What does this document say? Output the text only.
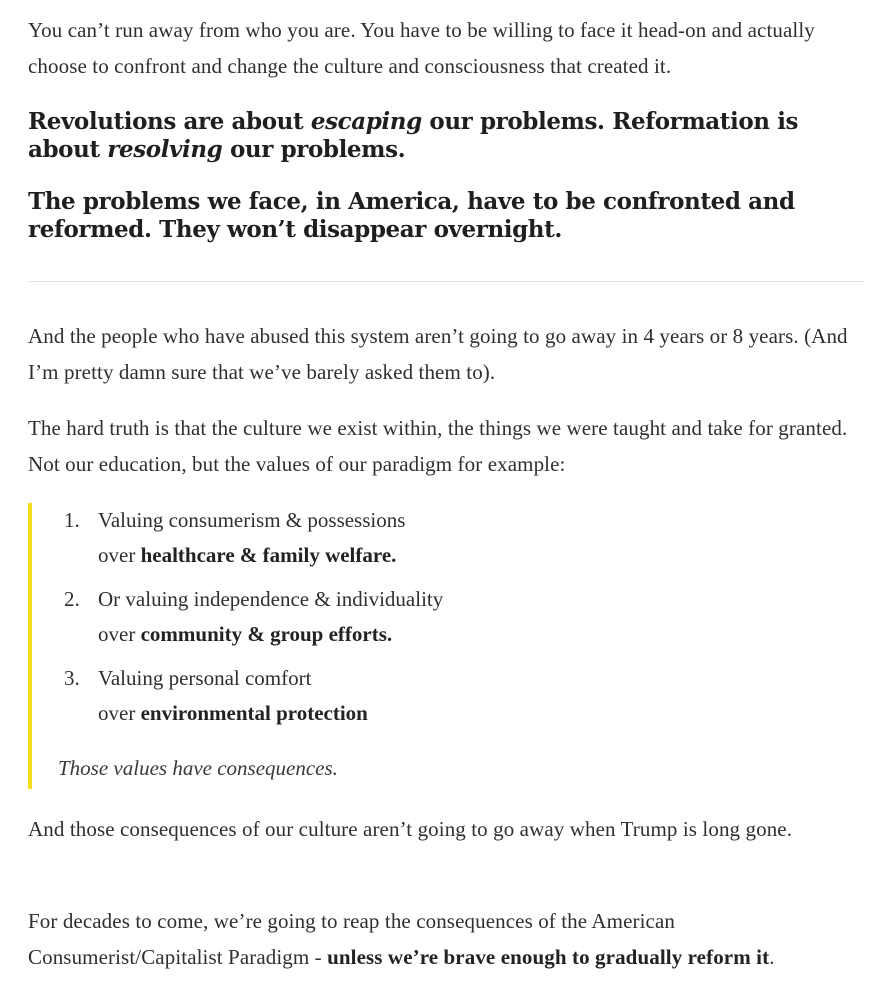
You can’t run away from who you are. You have to be willing to face it head-on and actually choose to confront and change the culture and consciousness that created it.

Revolutions are about escaping our problems. Reformation is about resolving our problems.
The problems we face, in America, have to be confronted and reformed. They won’t disappear overnight.

And the people who have abused this system aren’t going to go away in 4 years or 8 years. (And I’m pretty damn sure that we’ve barely asked them to).

The hard truth is that the culture we exist within, the things we were taught and take for granted. Not our education, but the values of our paradigm for example:

1. Valuing consumerism & possessions
over healthcare & family welfare.
2. Or valuing independence & individuality
over community & group efforts.
3. Valuing personal comfort
over environmental protection

Those values have consequences.

And those consequences of our culture aren’t going to go away when Trump is long gone.

For decades to come, we’re going to reap the consequences of the American Consumerist/Capitalist Paradigm - unless we’re brave enough to gradually reform it.
